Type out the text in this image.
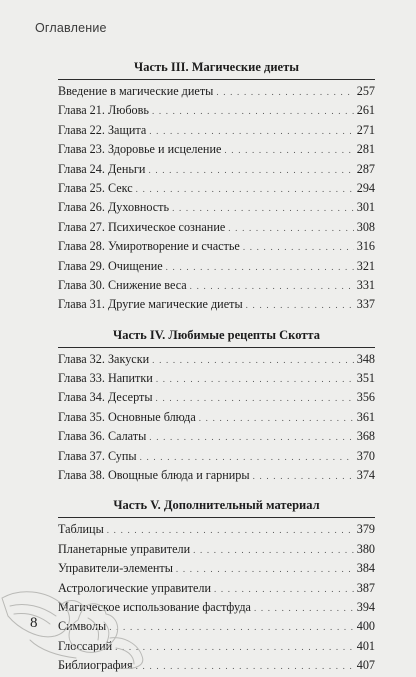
Оглавление
Часть III. Магические диеты
Введение в магические диеты . . .	257
Глава 21. Любовь . . .	261
Глава 22. Защита . . .	271
Глава 23. Здоровье и исцеление . . .	281
Глава 24. Деньги . . .	287
Глава 25. Секс . . .	294
Глава 26. Духовность . . .	301
Глава 27. Психическое сознание . . .	308
Глава 28. Умиротворение и счастье . . .	316
Глава 29. Очищение . . .	321
Глава 30. Снижение веса . . .	331
Глава 31. Другие магические диеты . . .	337
Часть IV. Любимые рецепты Скотта
Глава 32. Закуски . . .	348
Глава 33. Напитки . . .	351
Глава 34. Десерты . . .	356
Глава 35. Основные блюда . . .	361
Глава 36. Салаты . . .	368
Глава 37. Супы . . .	370
Глава 38. Овощные блюда и гарниры . . .	374
Часть V. Дополнительный материал
Таблицы . . .	379
Планетарные управители . . .	380
Управители-элементы . . .	384
Астрологические управители . . .	387
Магическое использование фастфуда . . .	394
Символы . . .	400
Глоссарий . . .	401
Библиография . . .	407
8
